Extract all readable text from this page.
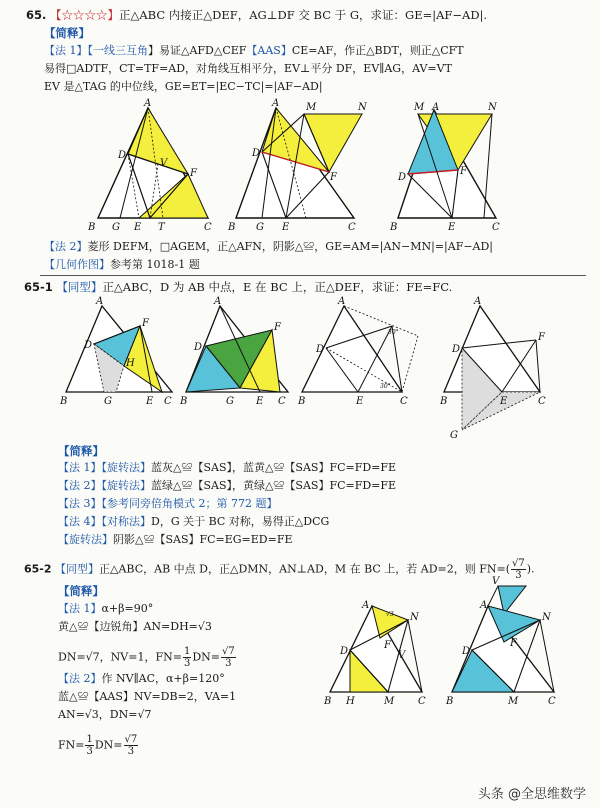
65. 【☆☆☆☆】正△ABC 内接正△DEF，AG⊥DF 交 BC 于 G，求证：GE=|AF−AD|.
【简释】
【法 1】【一线三互角】易证△AFD△CEF【AAS】CE=AF，作正△BDT，则正△CFT
易得□ADTF，CT=TF=AD，对角线互相平分，EV⊥平分 DF，EV∥AG，AV=VT
EV 是△TAG 的中位线，GE=ET=|EC−TC|=|AF−AD|
A
D
F
V
B G E T	C
A	M	N
D
F
B G E	C
M A	N
D
F
B	E	C
【法 2】菱形 DEFM，□AGEM，正△AFN，阴影△≌，GE=AM=|AN−MN|=|AF−AD|
【几何作图】参考第 1018-1 题
65-1 【同型】正△ABC，D 为 AB 中点，E 在 BC 上，正△DEF，求证：FE=FC.
A
F
D
H
B	G	E C
A
F
D
B	G E C
A
D
B	E	C
30°
30°
A
F
D
B	E	C
G
【简释】
【法 1】【旋转法】蓝灰△≌【SAS】，蓝黄△≌【SAS】FC=FD=FE
【法 2】【旋转法】蓝绿△≌【SAS】，黄绿△≌【SAS】FC=FD=FE
【法 3】【参考同旁倍角模式 2；第 772 题】
【法 4】【对称法】D，G 关于 BC 对称，易得正△DCG
【旋转法】阴影△≌【SAS】FC=EG=ED=FE
65-2 【同型】正△ABC，AB 中点 D，正△DMN，AN⊥AD，M 在 BC 上，若 AD=2，则 $FN=( \frac{√7}{3}$ ).
【简释】
【法 1】α+β=90°
黄△≌【边锐角】AN=DH=√3
DN=√7，NV=1，$FN= \frac{1}{3} DN= \frac{√7}{3}$
【法 2】作 NV∥AC，α+β=120°
蓝△≌【AAS】NV=DB=2，VA=1
AN=√3，DN=√7
$FN= \frac{1}{3} DN= \frac{√7}{3}$
A
N
D
F
V
B H	M C
√3
V
A
N
D
F
B	M	C
头条 @全思维数学
